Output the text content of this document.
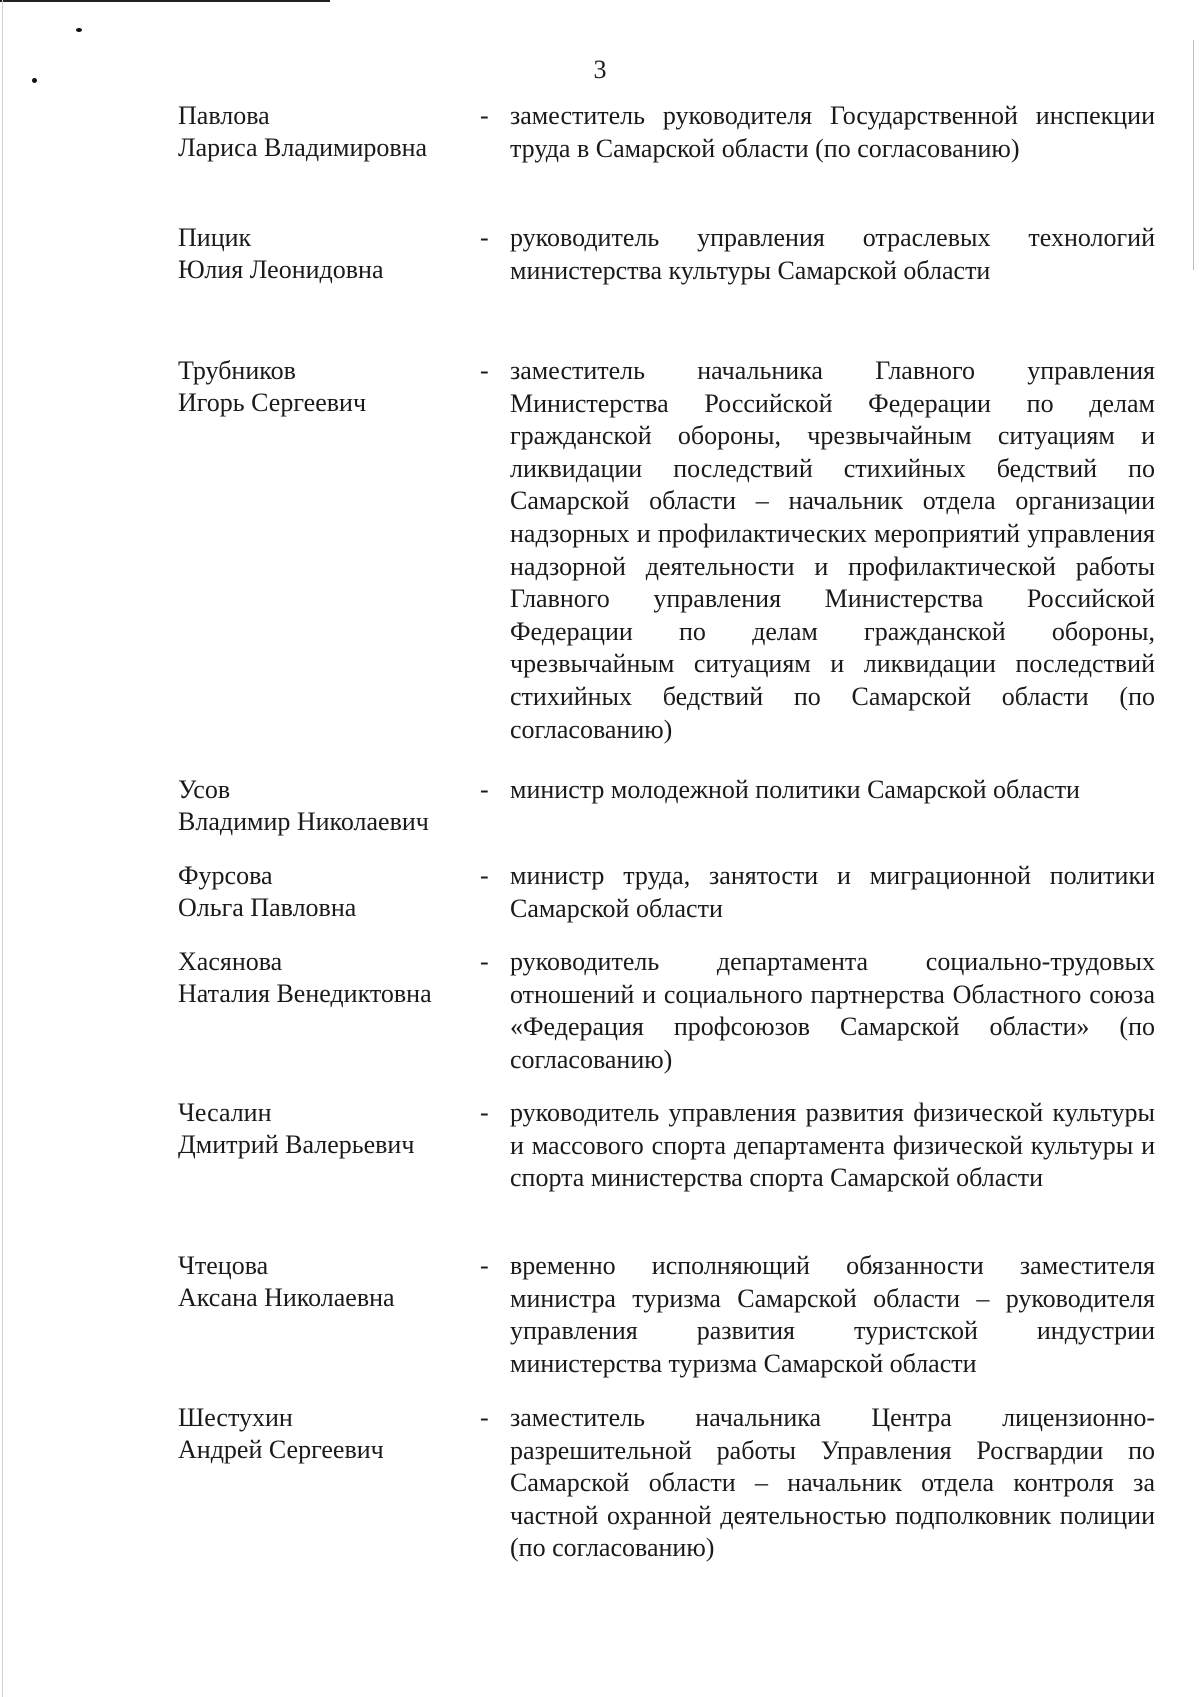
3
Павлова
Лариса Владимировна
- заместитель руководителя Государственной инспекции труда в Самарской области (по согласованию)
Пицик
Юлия Леонидовна
- руководитель управления отраслевых технологий министерства культуры Самарской области
Трубников
Игорь Сергеевич
- заместитель начальника Главного управления Министерства Российской Федерации по делам гражданской обороны, чрезвычайным ситуациям и ликвидации последствий стихийных бедствий по Самарской области – начальник отдела организации надзорных и профилактических мероприятий управления надзорной деятельности и профилактической работы Главного управления Министерства Российской Федерации по делам гражданской обороны, чрезвычайным ситуациям и ликвидации последствий стихийных бедствий по Самарской области (по согласованию)
Усов
Владимир Николаевич
- министр молодежной политики Самарской области
Фурсова
Ольга Павловна
- министр труда, занятости и миграционной политики Самарской области
Хасянова
Наталия Венедиктовна
- руководитель департамента социально-трудовых отношений и социального партнерства Областного союза «Федерация профсоюзов Самарской области» (по согласованию)
Чесалин
Дмитрий Валерьевич
- руководитель управления развития физической культуры и массового спорта департамента физической культуры и спорта министерства спорта Самарской области
Чтецова
Аксана Николаевна
- временно исполняющий обязанности заместителя министра туризма Самарской области – руководителя управления развития туристской индустрии министерства туризма Самарской области
Шестухин
Андрей Сергеевич
- заместитель начальника Центра лицензионно-разрешительной работы Управления Росгвардии по Самарской области – начальник отдела контроля за частной охранной деятельностью подполковник полиции (по согласованию)
